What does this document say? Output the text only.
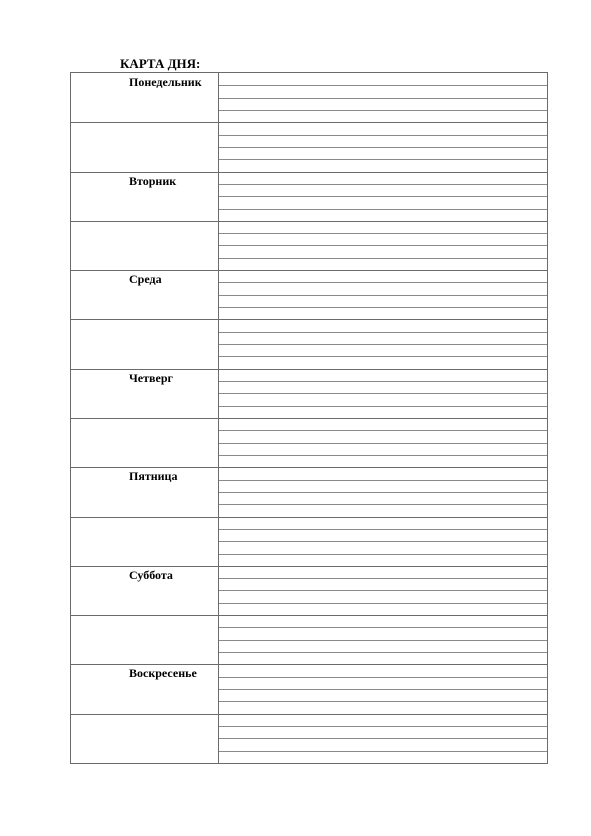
КАРТА ДНЯ:
Понедельник
Вторник
Среда
Четверг
Пятница
Суббота
Воскресенье
